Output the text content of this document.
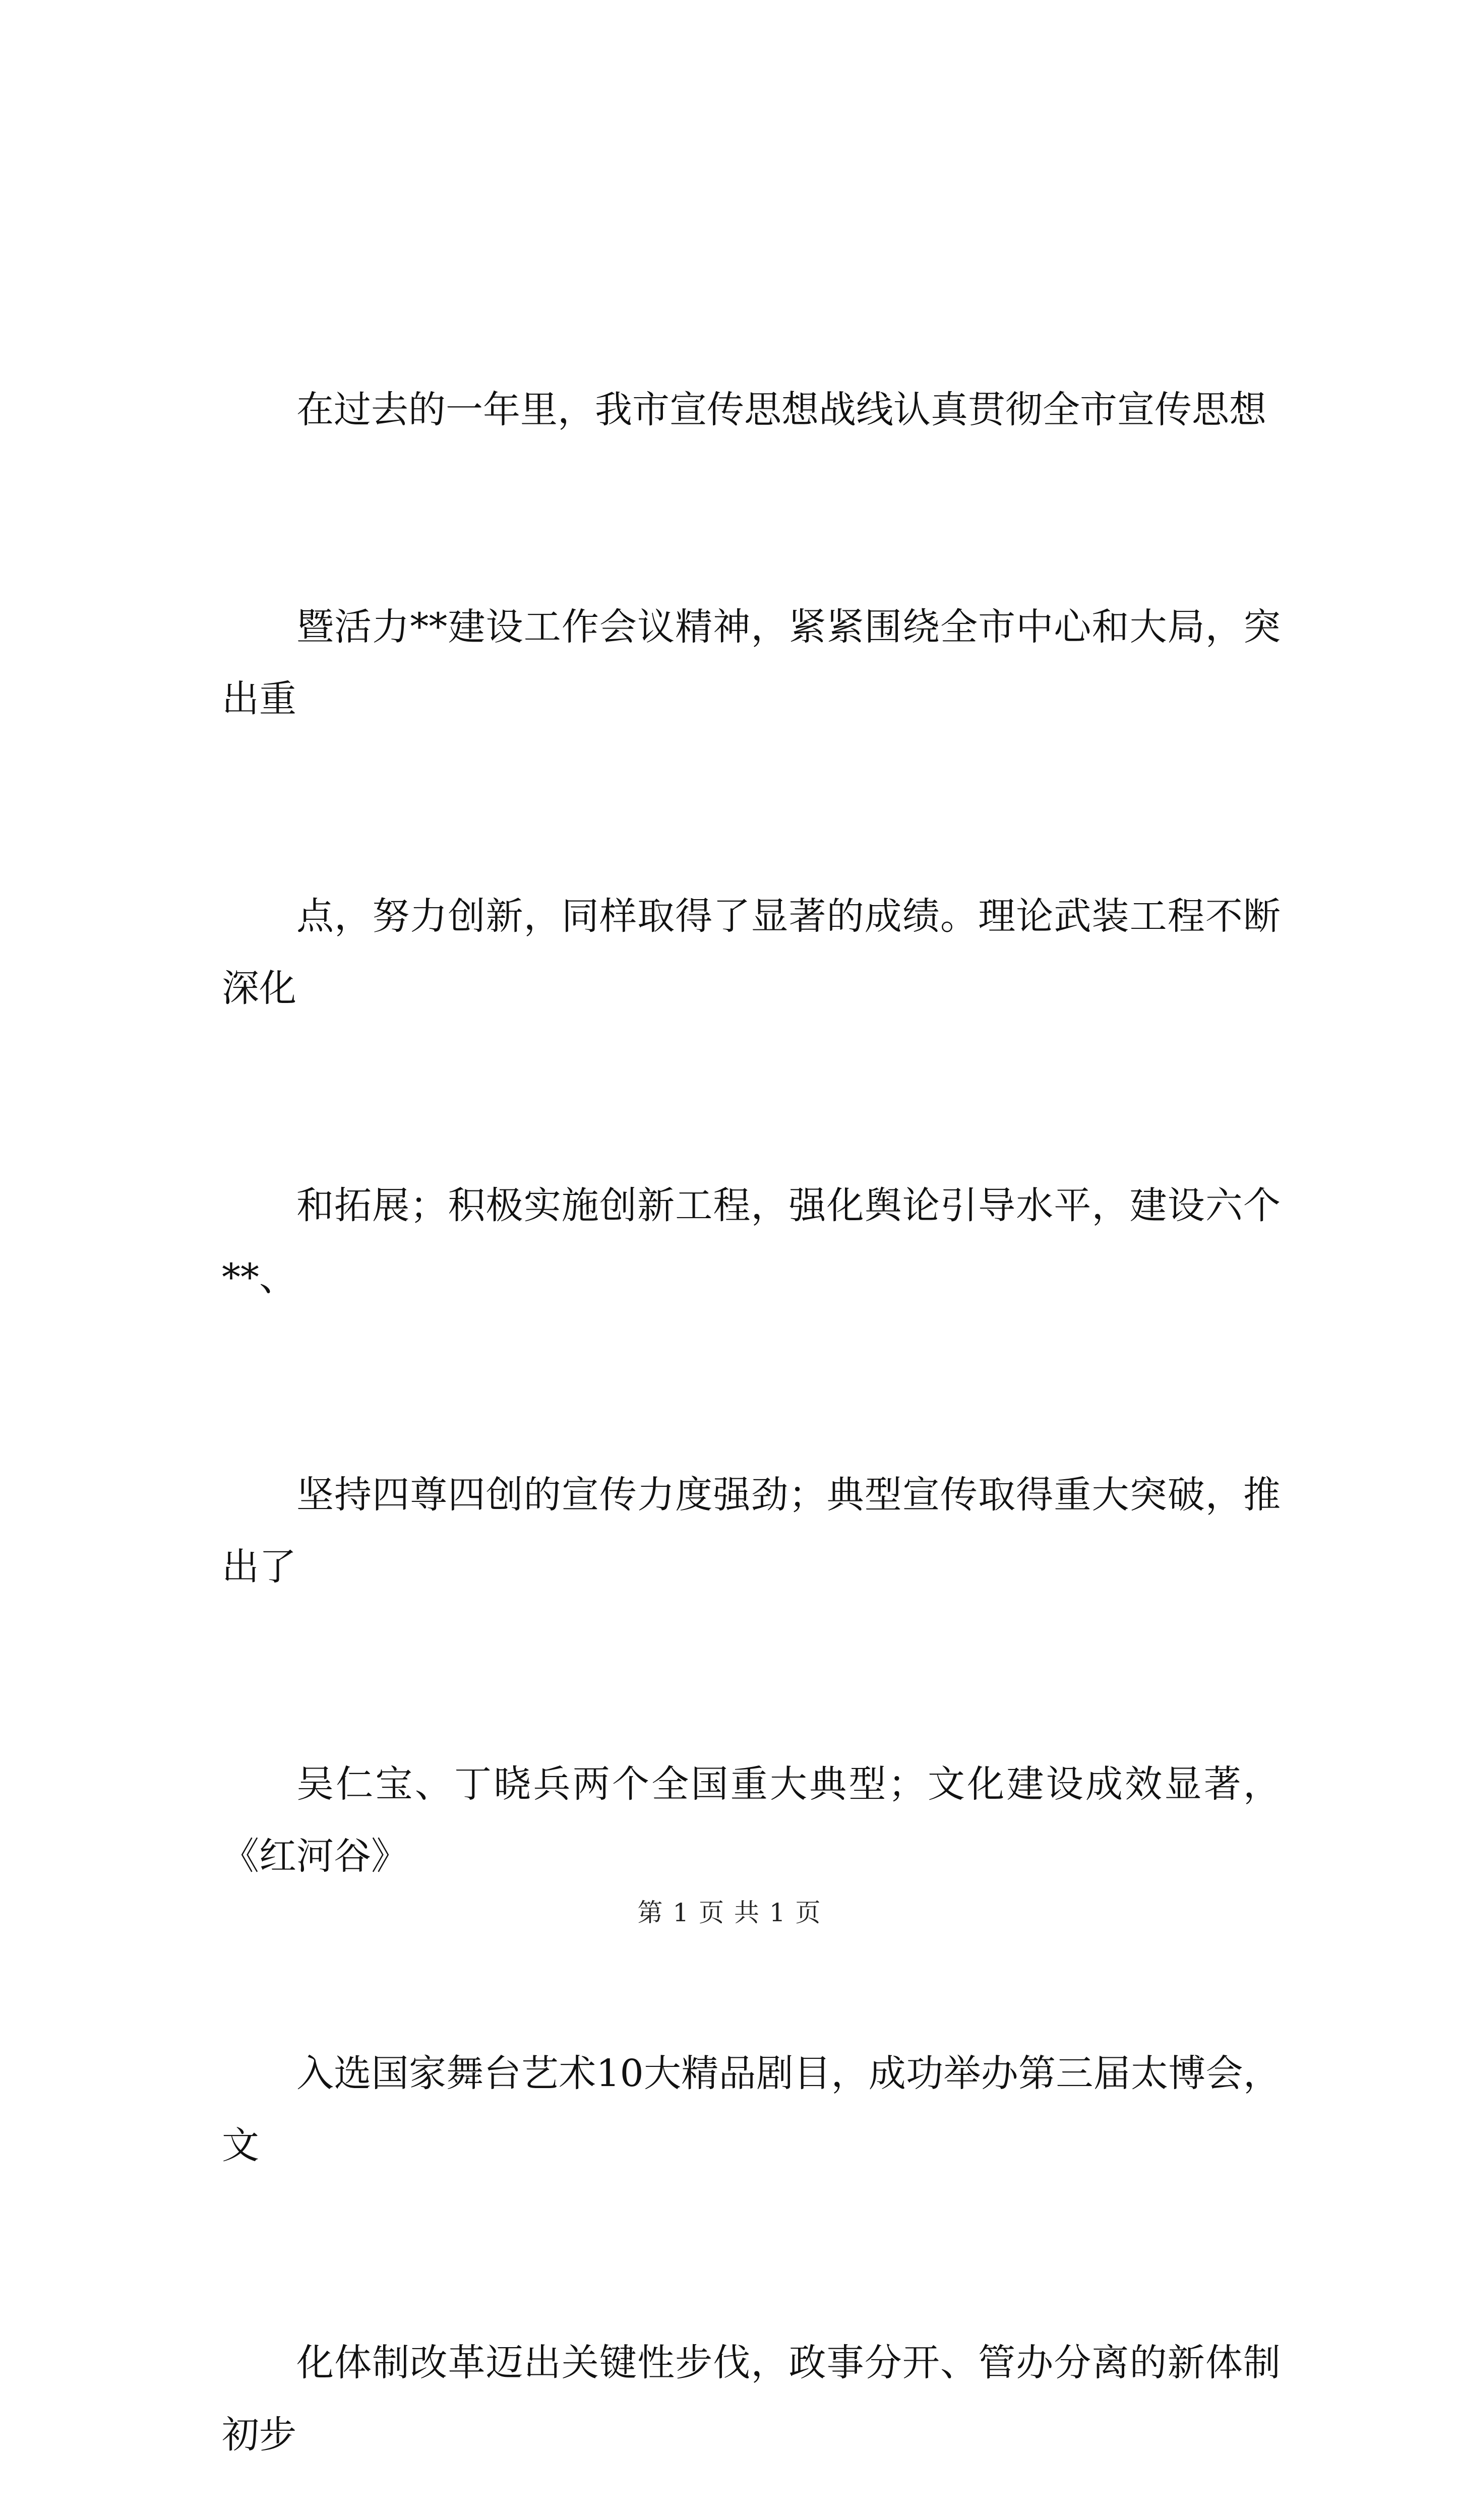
在过去的一年里，我市宣传思想战线认真贯彻全市宣传思想

暨活力**建设工作会议精神，紧紧围绕全市中心和大局，突出重

点，努力创新，同样取得了显著的成绩。理论武装工程不断深化

和拓展；积极实施创新工程，强化舆论引导水平，建设六个**、

坚持四尊四创的宣传力度强劲；典型宣传取得重大突破，推出了

吴仁宝、丁晓兵两个全国重大典型；文化建设成效显著，《红河谷》

入选国家舞台艺术10大精品剧目，成功举办第三届太博会，文

化体制改革迈出关键性步伐，政事分开、管办分离的新体制初步

第 1 页 共 1 页
